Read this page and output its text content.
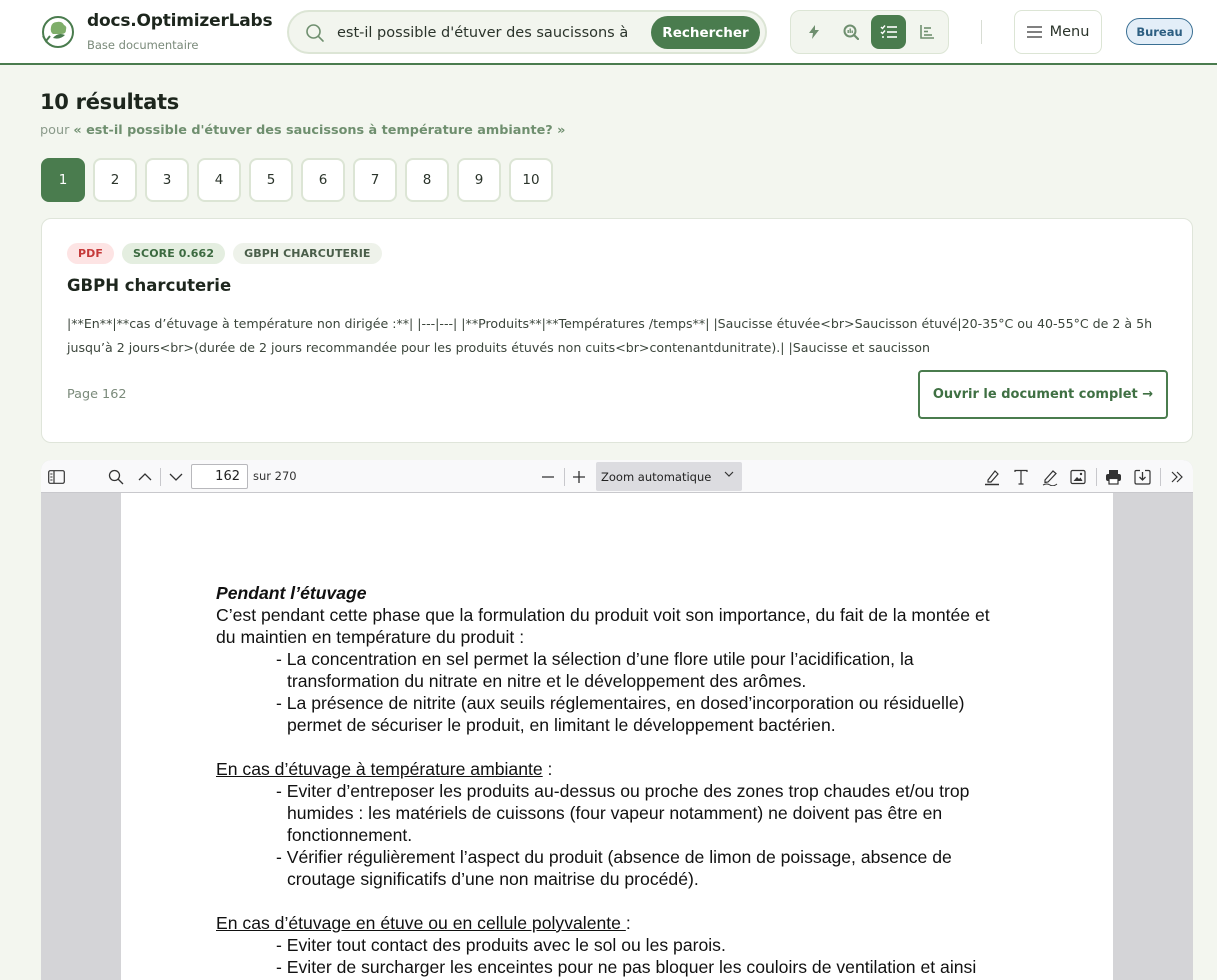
docs.OptimizerLabs
Base documentaire
est-il possible d'étuver des saucissons à température ambiante?
Rechercher	Menu	Bureau
10 résultats
pour « est-il possible d'étuver des saucissons à température ambiante? »
1	2	3	4	5	6	7	8	9	10
PDF	SCORE 0.662	GBPH CHARCUTERIE
GBPH charcuterie
|**En**|**cas d’étuvage à température non dirigée :**| |---|---| |**Produits**|**Températures /temps**| |Saucisse étuvée<br>Saucisson étuvé|20-35°C ou 40-55°C de 2 à 5h jusqu’à 2 jours<br>(durée de 2 jours recommandée pour les produits étuvés non cuits<br>contenantdunitrate).| |Saucisse et saucisson
Page 162	Ouvrir le document complet →
162
sur 270	Zoom automatique
Pendant l’étuvage
C’est pendant cette phase que la formulation du produit voit son importance, du fait de la montée et
du maintien en température du produit :
- La concentration en sel permet la sélection d’une flore utile pour l’acidification, la
transformation du nitrate en nitre et le développement des arômes.
- La présence de nitrite (aux seuils réglementaires, en dosed’incorporation ou résiduelle)
permet de sécuriser le produit, en limitant le développement bactérien.
En cas d’étuvage à température ambiante :
- Eviter d’entreposer les produits au-dessus ou proche des zones trop chaudes et/ou trop
humides : les matériels de cuissons (four vapeur notamment) ne doivent pas être en
fonctionnement.
- Vérifier régulièrement l’aspect du produit (absence de limon de poissage, absence de
croutage significatifs d’une non maitrise du procédé).
En cas d’étuvage en étuve ou en cellule polyvalente :
- Eviter tout contact des produits avec le sol ou les parois.
- Eviter de surcharger les enceintes pour ne pas bloquer les couloirs de ventilation et ainsi
